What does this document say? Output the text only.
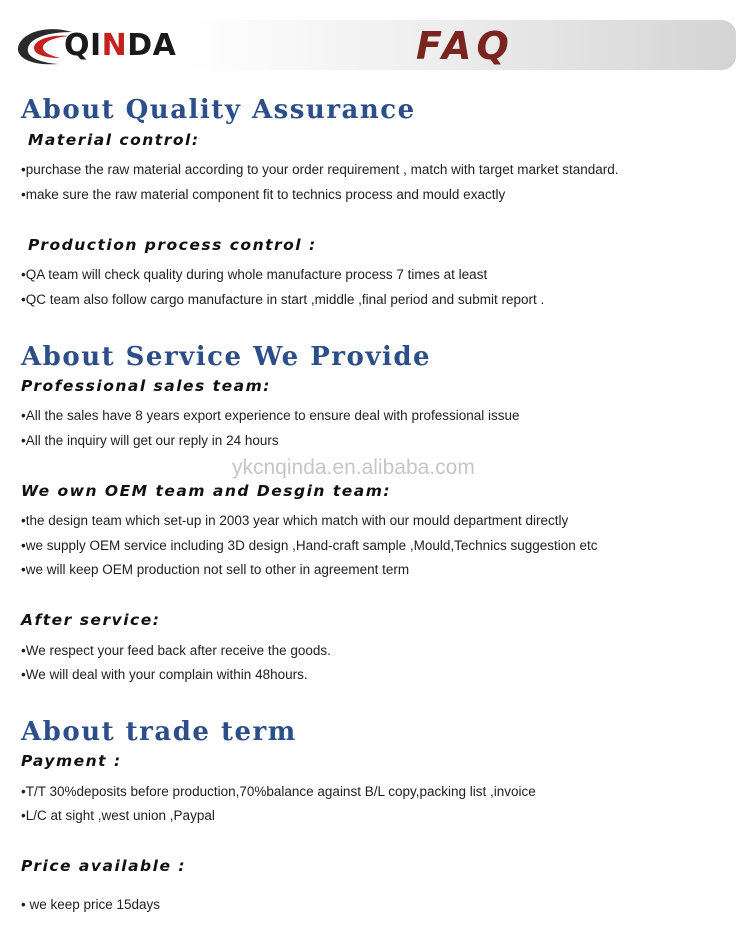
QINDA	FAQ
ykcnqinda.en.alibaba.com
About Quality Assurance
Material control:
•purchase the raw material according to your order requirement , match with target market standard.
•make sure the raw material component fit to technics process and mould exactly
Production process control :
•QA team will check quality during whole manufacture process 7 times at least
•QC team also follow cargo manufacture in start ,middle ,final period and submit report .
About Service We Provide
Professional sales team:
•All the sales have 8 years export experience to ensure deal with professional issue
•All the inquiry will get our reply in 24 hours
We own OEM team and Desgin team:
•the design team which set-up in 2003 year which match with our mould department directly
•we supply OEM service including 3D design ,Hand-craft sample ,Mould,Technics suggestion etc
•we will keep OEM production not sell to other in agreement term
After service:
•We respect your feed back after receive the goods.
•We will deal with your complain within 48hours.
About trade term
Payment :
•T/T 30%deposits before production,70%balance against B/L copy,packing list ,invoice
•L/C at sight ,west union ,Paypal
Price available :
• we keep price 15days
